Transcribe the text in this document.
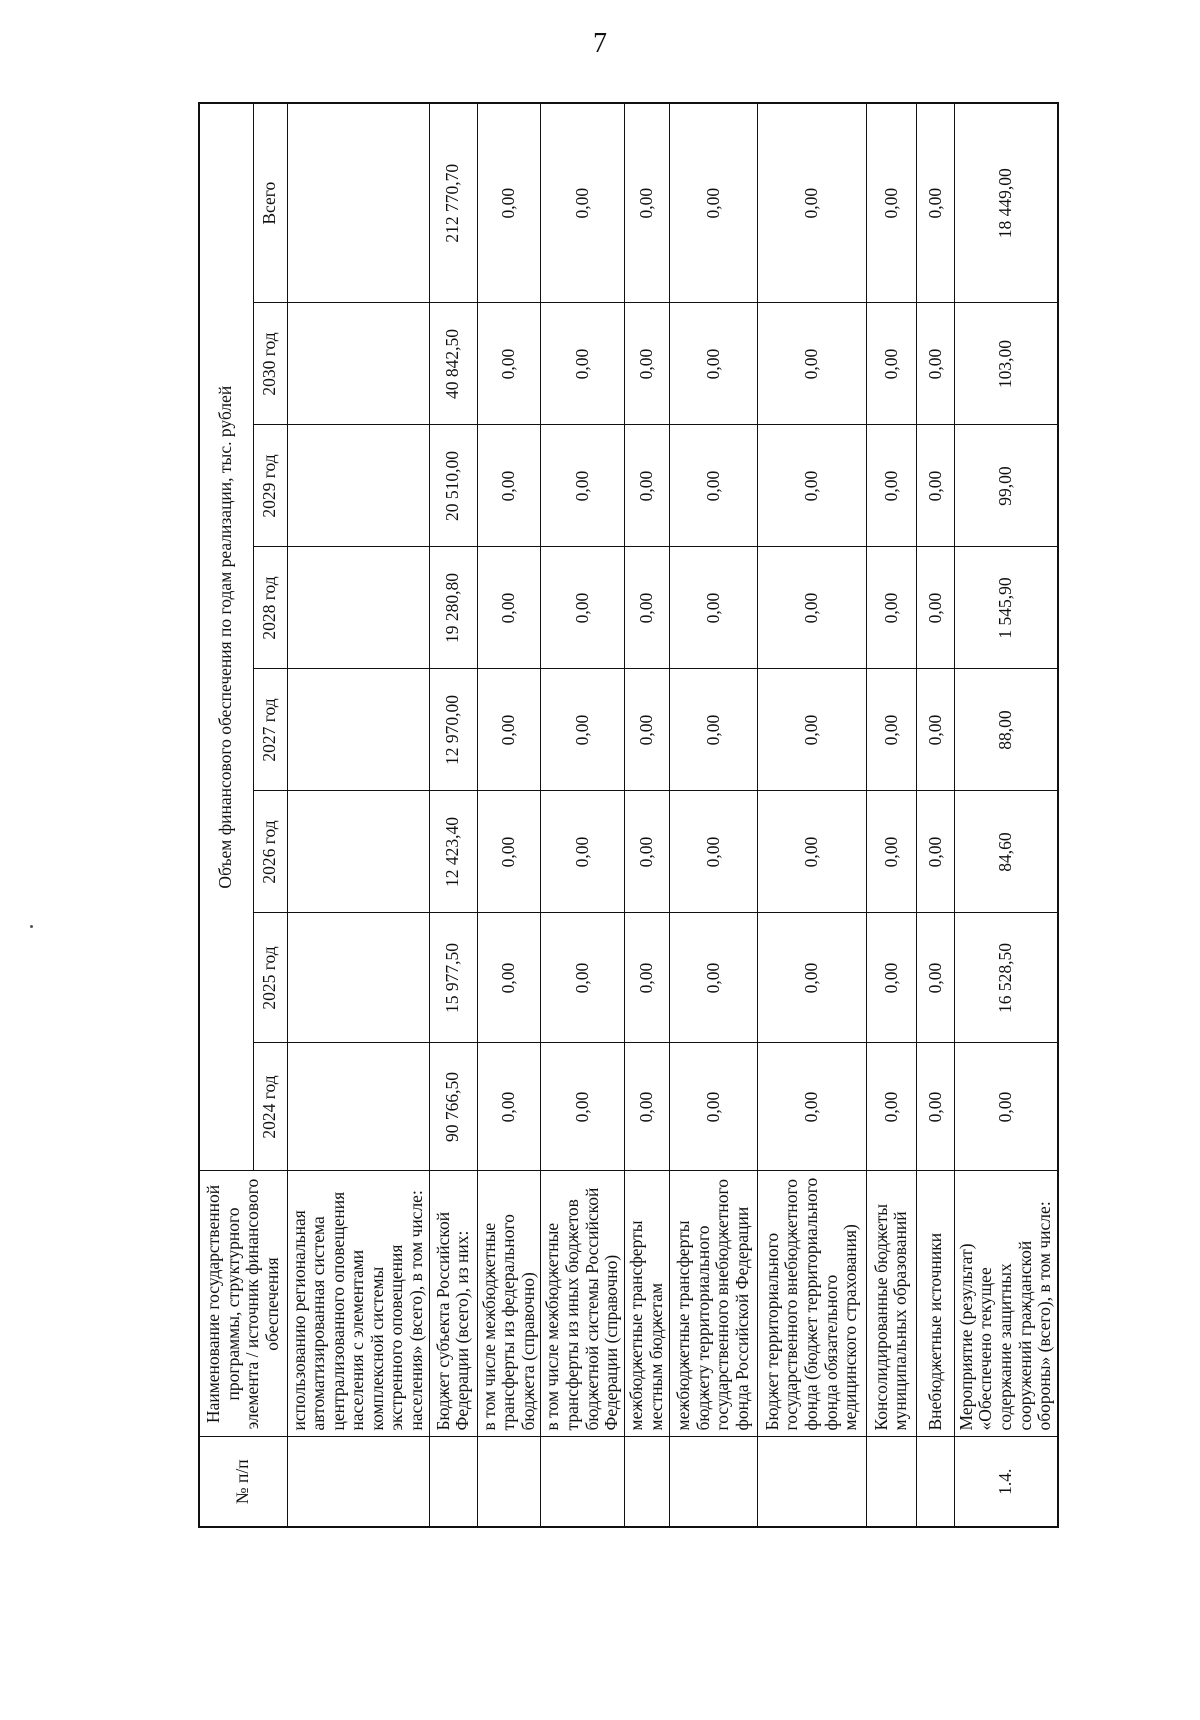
7
№ п/п	Наименование государственной программы, структурного элемента / источник финансового обеспечения	Объем финансового обеспечения по годам реализации, тыс. рублей							
		2024 год	2025 год	2026 год	2027 год	2028 год	2029 год	2030 год	Всего
	использованию региональная автоматизированная система централизованного оповещения населения с элементами комплексной системы экстренного оповещения населения» (всего), в том числе:								
	Бюджет субъекта Российской Федерации (всего), из них:	90 766,50	15 977,50	12 423,40	12 970,00	19 280,80	20 510,00	40 842,50	212 770,70
	в том числе межбюджетные трансферты из федерального бюджета (справочно)	0,00	0,00	0,00	0,00	0,00	0,00	0,00	0,00
	в том числе межбюджетные трансферты из иных бюджетов бюджетной системы Российской Федерации (справочно)	0,00	0,00	0,00	0,00	0,00	0,00	0,00	0,00
	межбюджетные трансферты местным бюджетам	0,00	0,00	0,00	0,00	0,00	0,00	0,00	0,00
	межбюджетные трансферты бюджету территориального государственного внебюджетного фонда Российской Федерации	0,00	0,00	0,00	0,00	0,00	0,00	0,00	0,00
	Бюджет территориального государственного внебюджетного фонда (бюджет территориального фонда обязательного медицинского страхования)	0,00	0,00	0,00	0,00	0,00	0,00	0,00	0,00
	Консолидированные бюджеты муниципальных образований	0,00	0,00	0,00	0,00	0,00	0,00	0,00	0,00
	Внебюджетные источники	0,00	0,00	0,00	0,00	0,00	0,00	0,00	0,00
1.4.	Мероприятие (результат) «Обеспечено текущее содержание защитных сооружений гражданской обороны» (всего), в том числе:	0,00	16 528,50	84,60	88,00	1 545,90	99,00	103,00	18 449,00
